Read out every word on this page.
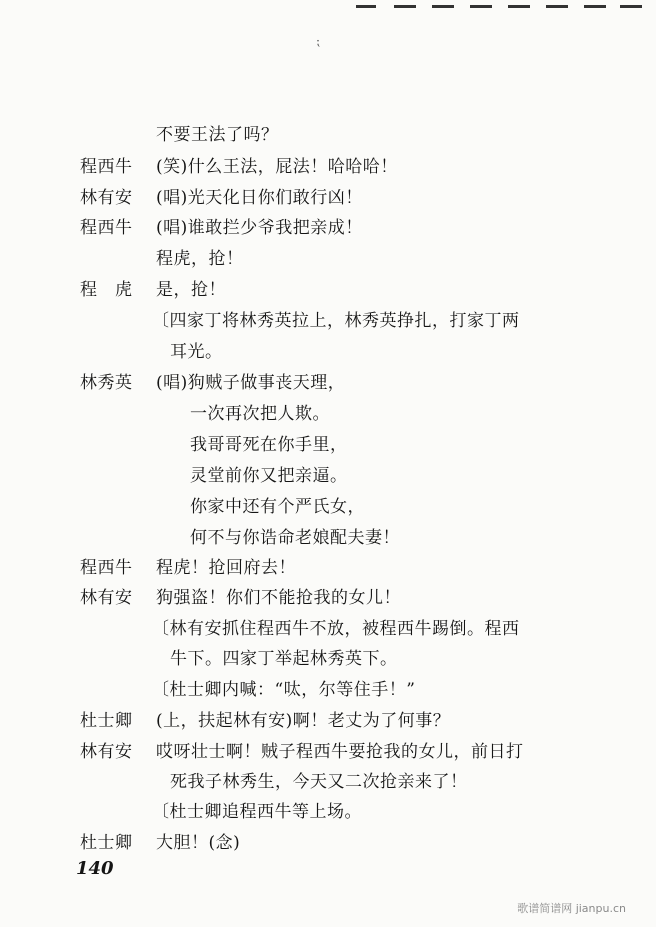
⁏
不要王法了吗？
程西牛 (笑)什么王法，屁法！哈哈哈！
林有安 (唱)光天化日你们敢行凶！
程西牛 (唱)谁敢拦少爷我把亲成！
程虎，抢！
程　虎 是，抢！
〔四家丁将林秀英拉上，林秀英挣扎，打家丁两
耳光。
林秀英 (唱)狗贼子做事丧天理，
一次再次把人欺。
我哥哥死在你手里，
灵堂前你又把亲逼。
你家中还有个严氏女，
何不与你诰命老娘配夫妻！
程西牛 程虎！抢回府去！
林有安 狗强盗！你们不能抢我的女儿！
〔林有安抓住程西牛不放，被程西牛踢倒。程西
牛下。四家丁举起林秀英下。
〔杜士卿内喊：“呔，尔等住手！”
杜士卿 (上，扶起林有安)啊！老丈为了何事？
林有安 哎呀壮士啊！贼子程西牛要抢我的女儿，前日打
死我子林秀生，今天又二次抢亲来了！
〔杜士卿追程西牛等上场。
杜士卿 大胆！(念)
140
歌谱简谱网 jianpu.cn
